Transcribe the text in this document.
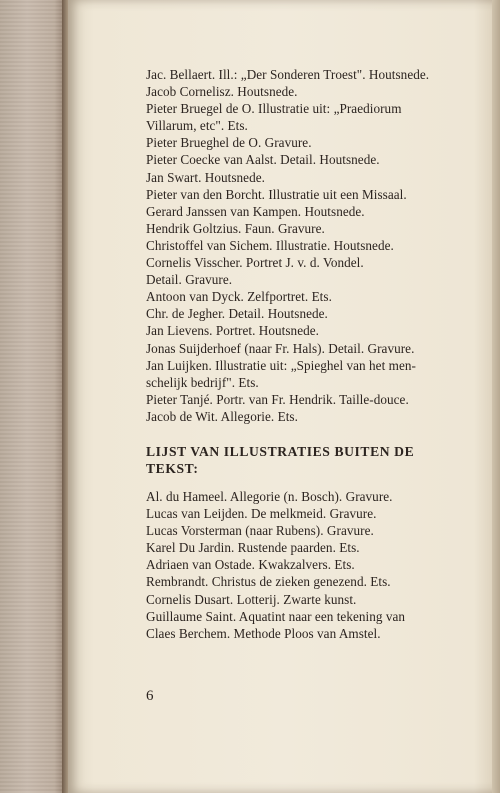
Jac. Bellaert. Ill.: „Der Sonderen Troest". Houtsnede.

Jacob Cornelisz. Houtsnede.

Pieter Bruegel de O. Illustratie uit: „Praediorum
Villarum, etc". Ets.

Pieter Brueghel de O. Gravure.

Pieter Coecke van Aalst. Detail. Houtsnede.

Jan Swart. Houtsnede.

Pieter van den Borcht. Illustratie uit een Missaal.

Gerard Janssen van Kampen. Houtsnede.

Hendrik Goltzius. Faun. Gravure.

Christoffel van Sichem. Illustratie. Houtsnede.

Cornelis Visscher. Portret J. v. d. Vondel.
Detail. Gravure.

Antoon van Dyck. Zelfportret. Ets.

Chr. de Jegher. Detail. Houtsnede.

Jan Lievens. Portret. Houtsnede.

Jonas Suijderhoef (naar Fr. Hals). Detail. Gravure.

Jan Luijken. Illustratie uit: „Spieghel van het men-
schelijk bedrijf". Ets.

Pieter Tanjé. Portr. van Fr. Hendrik. Taille-douce.

Jacob de Wit. Allegorie. Ets.

LIJST VAN ILLUSTRATIES BUITEN DE
TEKST:

Al. du Hameel. Allegorie (n. Bosch). Gravure.

Lucas van Leijden. De melkmeid. Gravure.

Lucas Vorsterman (naar Rubens). Gravure.

Karel Du Jardin. Rustende paarden. Ets.

Adriaen van Ostade. Kwakzalvers. Ets.

Rembrandt. Christus de zieken genezend. Ets.

Cornelis Dusart. Lotterij. Zwarte kunst.

Guillaume Saint. Aquatint naar een tekening van
Claes Berchem. Methode Ploos van Amstel.

6
